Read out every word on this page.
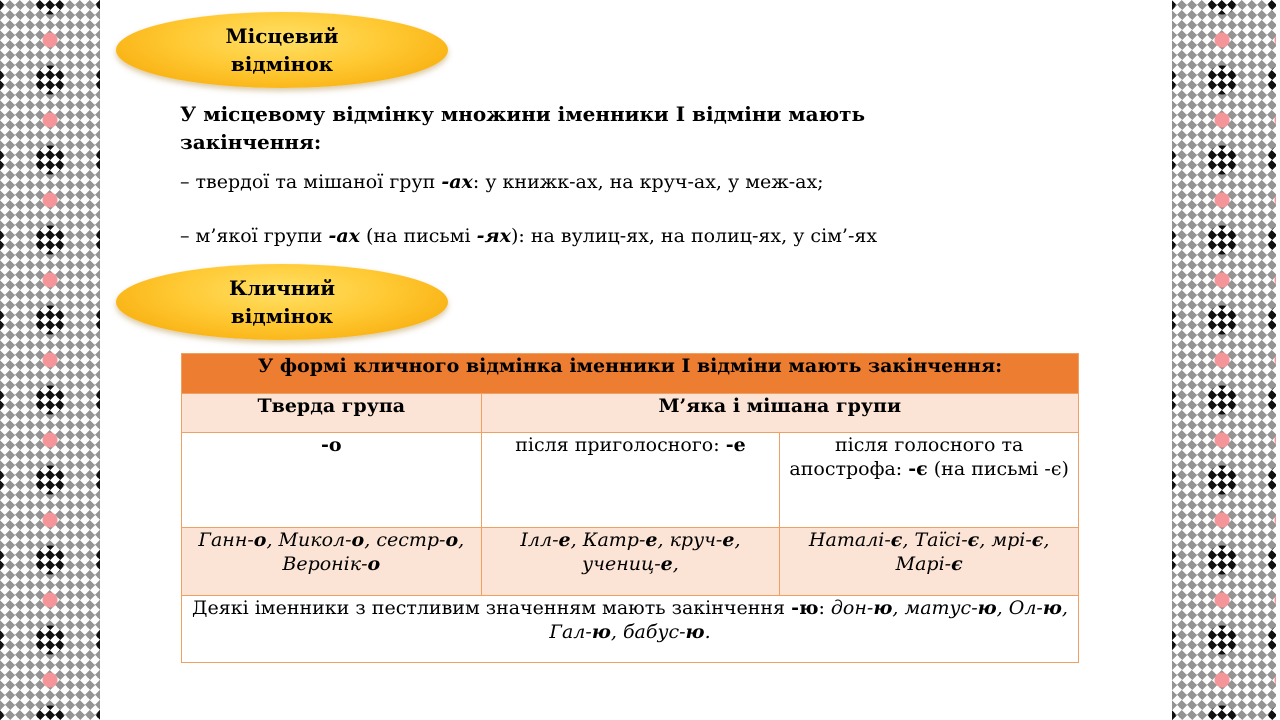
Місцевий
відмінок
У місцевому відмінку множини іменники І відміни мають закінчення:
– твердої та мішаної груп -ах: у книжк-ах, на круч-ах, у меж-ах;
– м’якої групи -ах (на письмі -ях): на вулиц-ях, на полиц-ях, у сім’-ях
Кличний
відмінок
У формі кличного відмінка іменники І відміни мають закінчення:		
Тверда група	М’яка і мішана групи	
-о	після приголосного: -е	після голосного та апострофа: -є (на письмі -є)
Ганн-о, Микол-о, сестр-о, Веронік-о	Ілл-е, Катр-е, круч-е, учениц-е,	Наталі-є, Таїсі-є, мрі-є, Марі-є
Деякі іменники з пестливим значенням мають закінчення -ю: дон-ю, матус-ю, Ол-ю, Гал-ю, бабус-ю.		
